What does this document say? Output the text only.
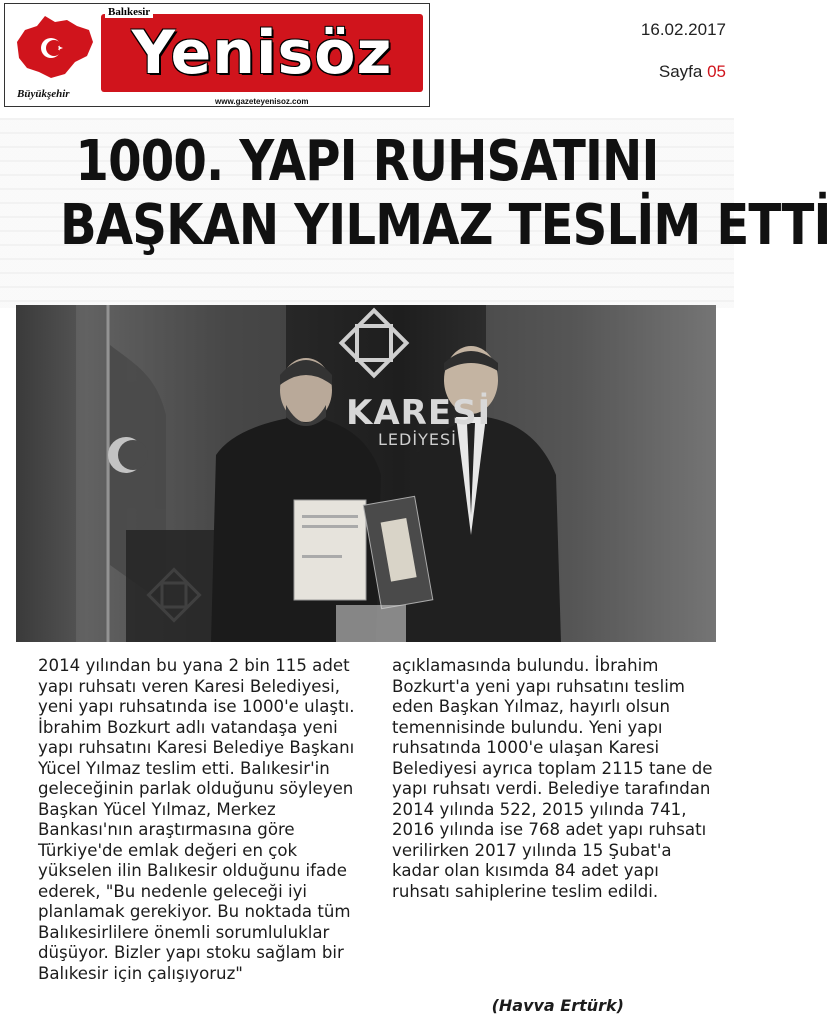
Büyükşehir
Yenisöz
Balıkesir
www.gazeteyenisoz.com
16.02.2017
Sayfa 05
1000. YAPI RUHSATINI
BAŞKAN YILMAZ TESLİM ETTİ
KARESİ
LEDİYESİ

2014 yılından bu yana 2 bin 115 adet yapı ruhsatı veren Karesi Belediyesi, yeni yapı ruhsatında ise 1000'e ulaştı. İbrahim Bozkurt adlı vatandaşa yeni yapı ruhsatını Karesi Belediye Başkanı Yücel Yılmaz teslim etti. Balıkesir'in geleceğinin parlak olduğunu söyleyen Başkan Yücel Yılmaz, Merkez Bankası'nın araştırmasına göre Türkiye'de emlak değeri en çok yükselen ilin Balıkesir olduğunu ifade ederek, "Bu nedenle geleceği iyi planlamak gerekiyor. Bu noktada tüm Balıkesirlilere önemli sorumluluklar düşüyor. Bizler yapı stoku sağlam bir Balıkesir için çalışıyoruz" açıklamasında bulundu. İbrahim Bozkurt'a yeni yapı ruhsatını teslim eden Başkan Yılmaz, hayırlı olsun temennisinde bulundu. Yeni yapı ruhsatında 1000'e ulaşan Karesi Belediyesi ayrıca toplam 2115 tane de yapı ruhsatı verdi. Belediye tarafından 2014 yılında 522, 2015 yılında 741, 2016 yılında ise 768 adet yapı ruhsatı verilirken 2017 yılında 15 Şubat'a kadar olan kısımda 84 adet yapı ruhsatı sahiplerine teslim edildi.

(Havva Ertürk)
